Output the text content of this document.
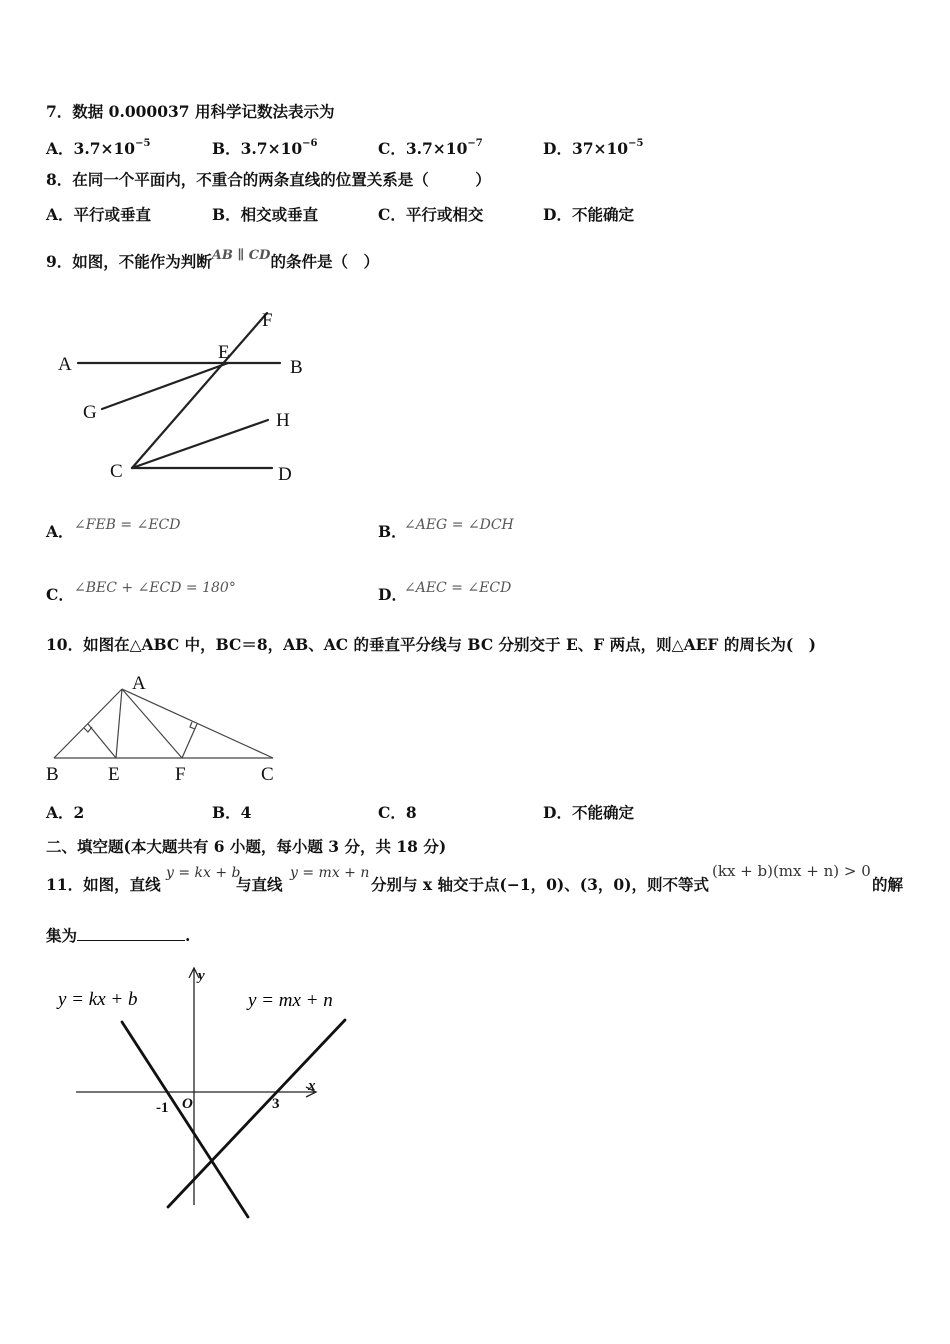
7．数据 0.000037 用科学记数法表示为
A．$3.7\times 10^{-5}$	B．$3.7\times 10^{-6}$	C．$3.7\times 10^{-7}$	D．$37\times 10^{-5}$
8．在同一个平面内，不重合的两条直线的位置关系是（　　　）
A．平行或垂直	B．相交或垂直	C．平行或相交	D．不能确定
9．如图，不能作为判断$^{AB \parallel CD}$的条件是（　）
A	B
C	D
E
F
G	H
A． ∠FEB = ∠ECD	B．
∠AEG = ∠DCH
C． ∠BEC + ∠ECD = 180°	D．
∠AEC = ∠ECD
10．如图在△ABC 中，BC＝8，AB、AC 的垂直平分线与 BC 分别交于 E、F 两点，则△AEF 的周长为(　)
A
B	E	F	C
A．2	B．4	C．8	D．不能确定
二、填空题(本大题共有 6 小题，每小题 3 分，共 18 分)
11．如图，直线
y = kx + b
与直线
y = mx + n
分别与 x 轴交于点(−1，0)、(3，0)，则不等式
(kx + b)(mx + n) > 0
的解
集为	.
y = kx + b	y = mx + n
x
y
O
-1	3
